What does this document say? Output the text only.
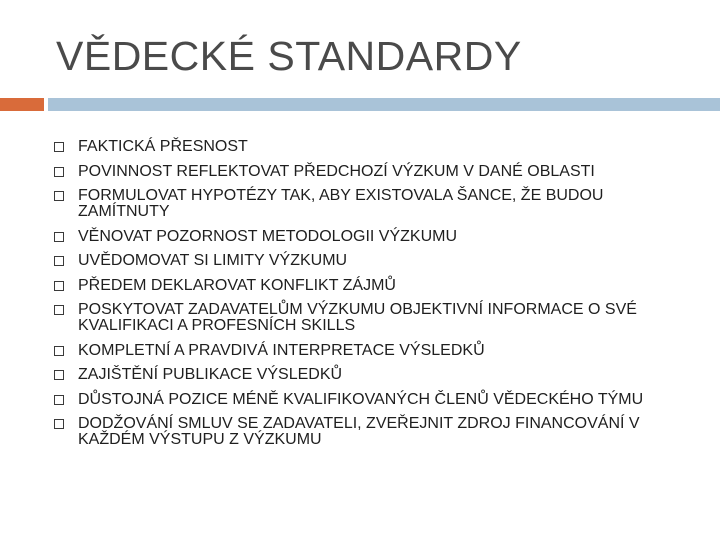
VĚDECKÉ STANDARDY
FAKTICKÁ PŘESNOST
POVINNOST REFLEKTOVAT PŘEDCHOZÍ VÝZKUM V DANÉ OBLASTI
FORMULOVAT HYPOTÉZY TAK, ABY EXISTOVALA ŠANCE, ŽE BUDOU ZAMÍTNUTY
VĚNOVAT POZORNOST METODOLOGII VÝZKUMU
UVĚDOMOVAT SI LIMITY VÝZKUMU
PŘEDEM DEKLAROVAT KONFLIKT ZÁJMŮ
POSKYTOVAT ZADAVATELŮM VÝZKUMU OBJEKTIVNÍ INFORMACE O SVÉ KVALIFIKACI A PROFESNÍCH SKILLS
KOMPLETNÍ A PRAVDIVÁ INTERPRETACE VÝSLEDKŮ
ZAJIŠTĚNÍ PUBLIKACE VÝSLEDKŮ
DŮSTOJNÁ POZICE MÉNĚ KVALIFIKOVANÝCH ČLENŮ VĚDECKÉHO TÝMU
DODŽOVÁNÍ SMLUV SE ZADAVATELI, ZVEŘEJNIT ZDROJ FINANCOVÁNÍ V KAŽDÉM VÝSTUPU Z VÝZKUMU
